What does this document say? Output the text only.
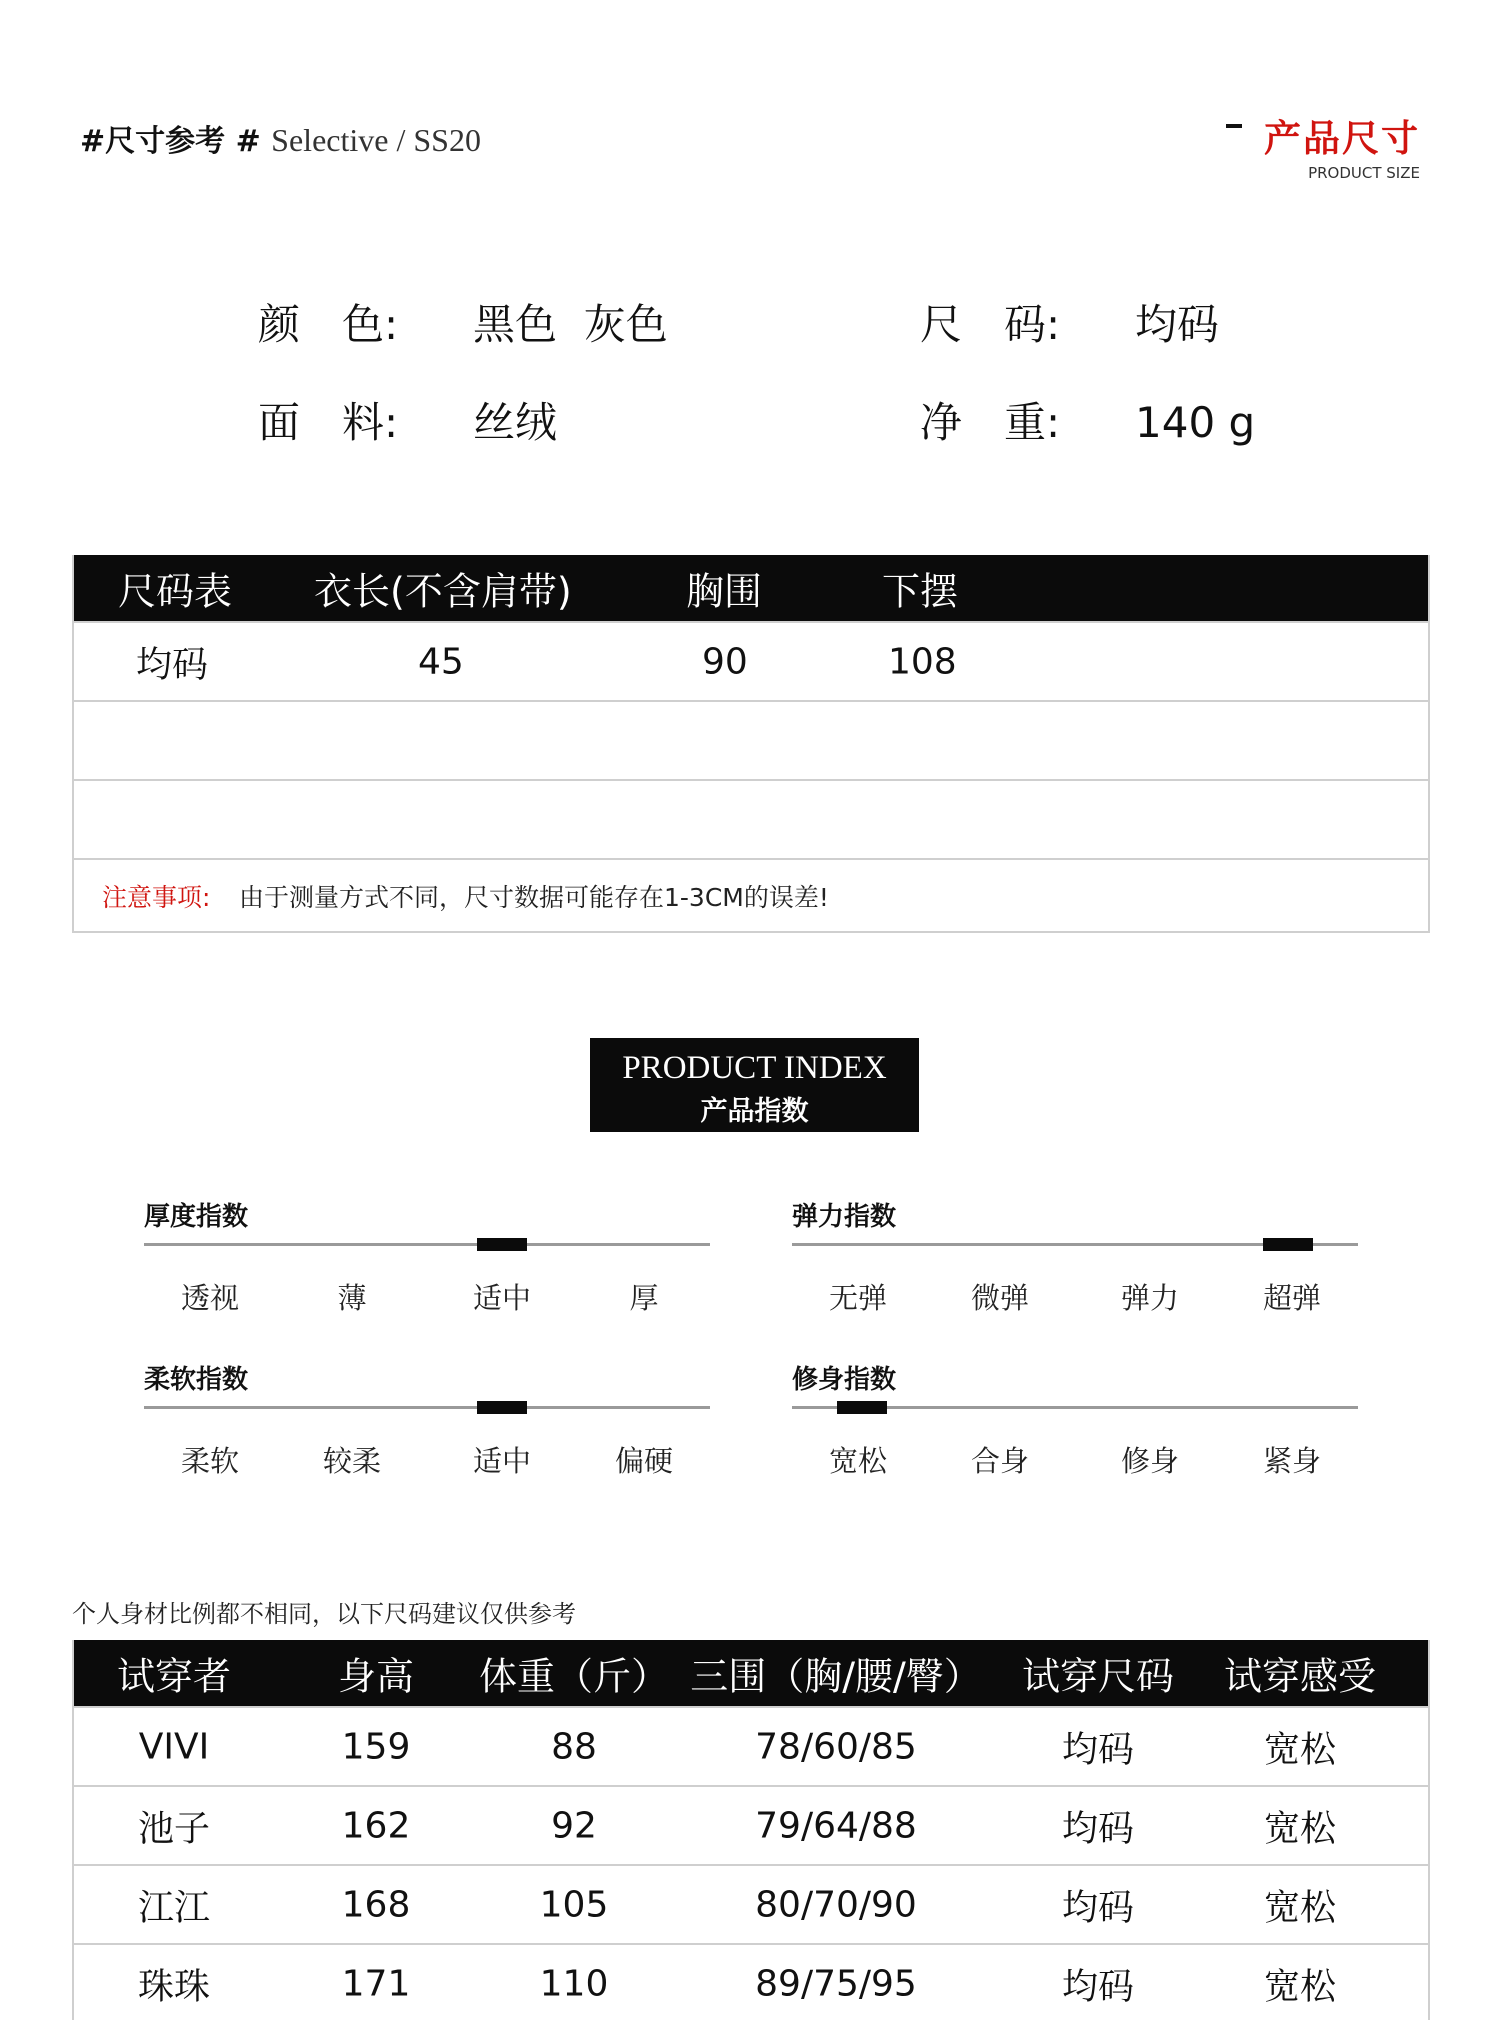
#尺寸参考 # Selective / SS20	产品尺寸
PRODUCT SIZE
颜　色: 黑色  灰色	尺　码: 均码
面　料: 丝绒	净　重: 140 g
尺码表 衣长(不含肩带)	胸围	下摆
均码	45	90	108
注意事项: 由于测量方式不同，尺寸数据可能存在1-3CM的误差!
PRODUCT INDEX
产品指数
厚度指数
透视	薄	适中	厚
弹力指数
无弹	微弹	弹力	超弹
柔软指数
柔软	较柔	适中	偏硬
修身指数
宽松	合身	修身	紧身
个人身材比例都不相同，以下尺码建议仅供参考
试穿者	身高 体重（斤） 三围（胸/腰/臀） 试穿尺码 试穿感受
VIVI	159	88	78/60/85	均码	宽松
池子	162	92	79/64/88	均码	宽松
江江	168	105	80/70/90	均码	宽松
珠珠	171	110	89/75/95	均码	宽松
